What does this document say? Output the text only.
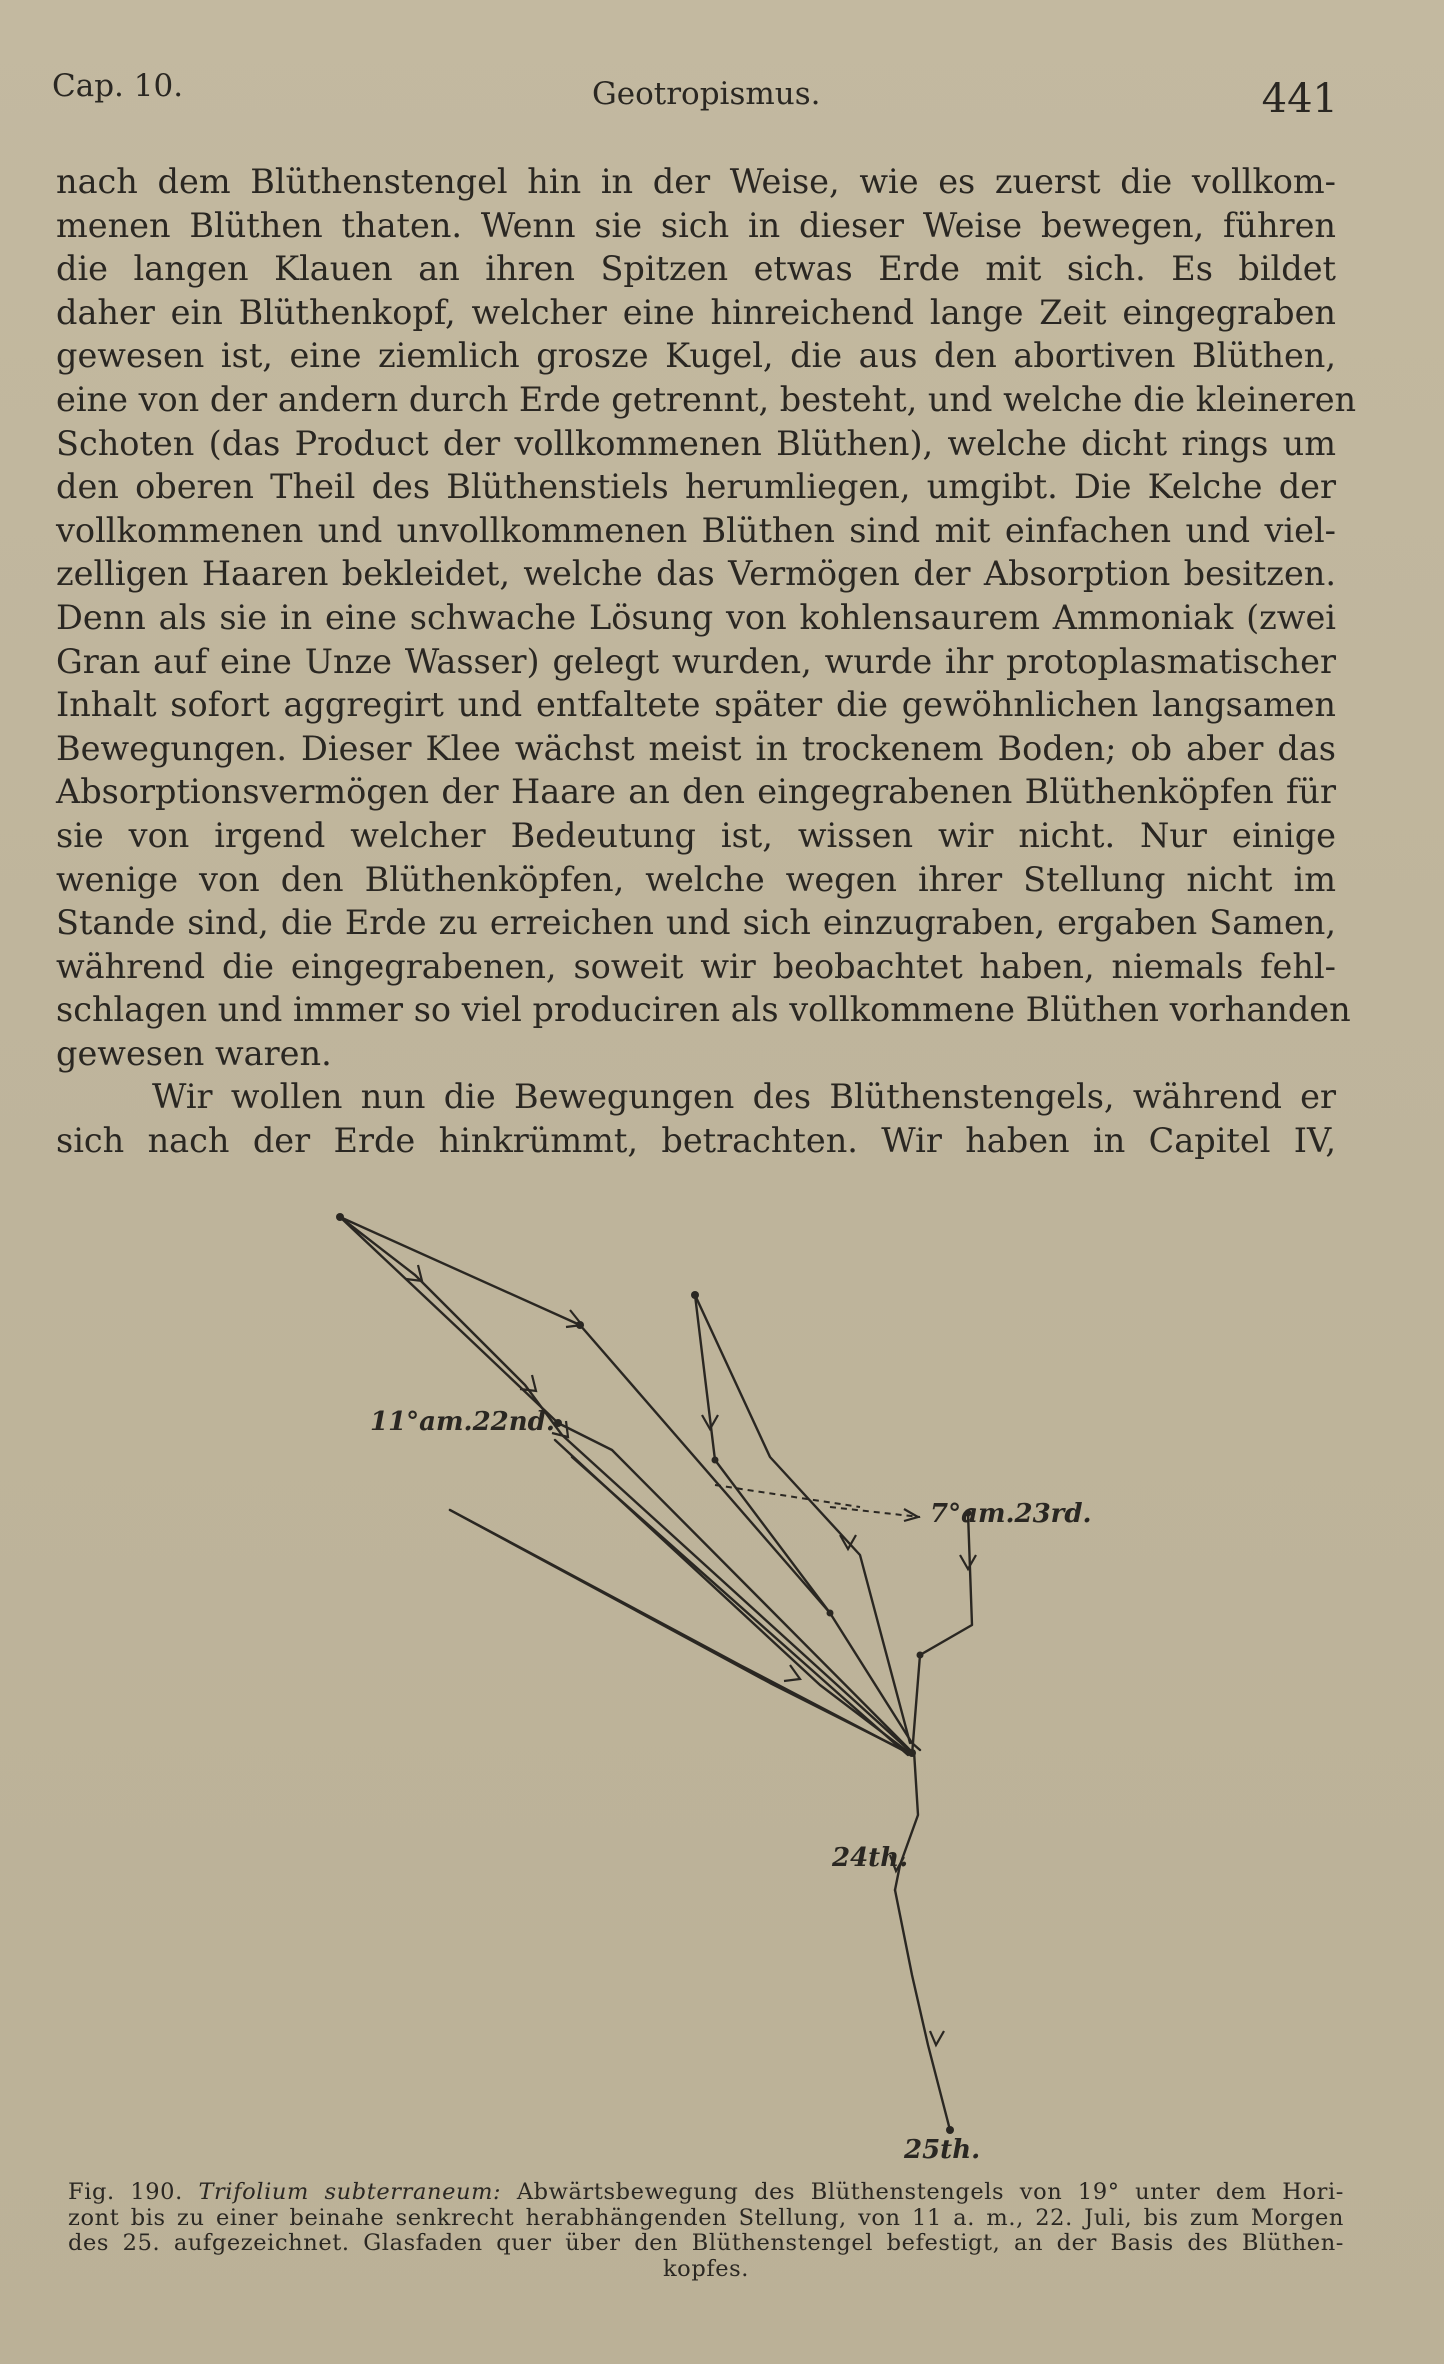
Cap. 10.	Geotropismus.	441
nach dem Blüthenstengel hin in der Weise, wie es zuerst die vollkom-
menen Blüthen thaten. Wenn sie sich in dieser Weise bewegen, führen
die langen Klauen an ihren Spitzen etwas Erde mit sich. Es bildet
daher ein Blüthenkopf, welcher eine hinreichend lange Zeit eingegraben
gewesen ist, eine ziemlich grosze Kugel, die aus den abortiven Blüthen,
eine von der andern durch Erde getrennt, besteht, und welche die kleineren
Schoten (das Product der vollkommenen Blüthen), welche dicht rings um
den oberen Theil des Blüthenstiels herumliegen, umgibt. Die Kelche der
vollkommenen und unvollkommenen Blüthen sind mit einfachen und viel-
zelligen Haaren bekleidet, welche das Vermögen der Absorption besitzen.
Denn als sie in eine schwache Lösung von kohlensaurem Ammoniak (zwei
Gran auf eine Unze Wasser) gelegt wurden, wurde ihr protoplasmatischer
Inhalt sofort aggregirt und entfaltete später die gewöhnlichen langsamen
Bewegungen. Dieser Klee wächst meist in trockenem Boden; ob aber das
Absorptionsvermögen der Haare an den eingegrabenen Blüthenköpfen für
sie von irgend welcher Bedeutung ist, wissen wir nicht. Nur einige
wenige von den Blüthenköpfen, welche wegen ihrer Stellung nicht im
Stande sind, die Erde zu erreichen und sich einzugraben, ergaben Samen,
während die eingegrabenen, soweit wir beobachtet haben, niemals fehl-
schlagen und immer so viel produciren als vollkommene Blüthen vorhanden
gewesen waren.
Wir wollen nun die Bewegungen des Blüthenstengels, während er
sich nach der Erde hinkrümmt, betrachten. Wir haben in Capitel IV,
11°am.22nd.
7°am.23rd.
24th.
25th.
Fig. 190. Trifolium subterraneum: Abwärtsbewegung des Blüthenstengels von 19° unter dem Hori-
zont bis zu einer beinahe senkrecht herabhängenden Stellung, von 11 a. m., 22. Juli, bis zum Morgen
des 25. aufgezeichnet. Glasfaden quer über den Blüthenstengel befestigt, an der Basis des Blüthen-
kopfes.
